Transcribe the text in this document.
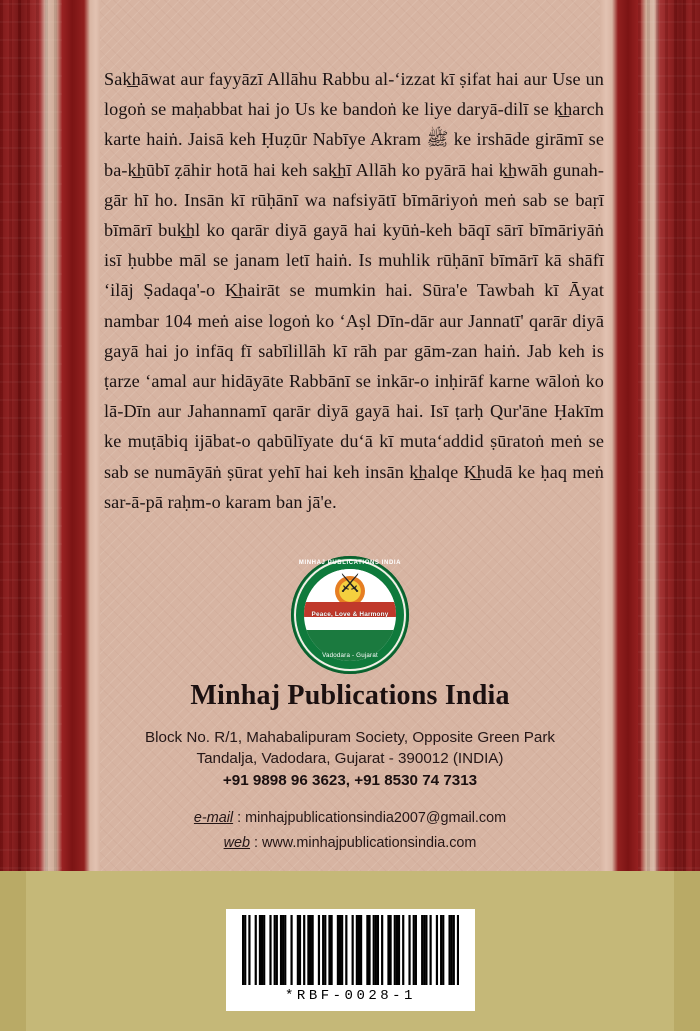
Sak͟hāwat aur fayyāzī Allāhu Rabbu al-‘izzat kī ṣifat hai aur Use un logoṅ se maḥabbat hai jo Us ke bandoṅ ke liye daryā-dilī se k͟harch karte haiṅ. Jaisā keh Ḥuẓūr Nabīye Akram ﷺ ke irshāde girāmī se ba-k͟hūbī ẓāhir hotā hai keh sak͟hī Allāh ko pyārā hai k͟hwāh gunah-gār hī ho. Insān kī rūḥānī wa nafsiyātī bīmāriyoṅ meṅ sab se baṛī bīmārī buk͟hl ko qarār diyā gayā hai kyūṅ-keh bāqī sārī bīmāriyāṅ isī ḥubbe māl se janam letī haiṅ. Is muhlik rūḥānī bīmārī kā shāfī ‘ilāj Ṣadaqa'-o K͟hairāt se mumkin hai. Sūra'e Tawbah kī Āyat nambar 104 meṅ aise logoṅ ko ‘Aṣl Dīn-dār aur Jannatī' qarār diyā gayā hai jo infāq fī sabīlillāh kī rāh par gām-zan haiṅ. Jab keh is ṭarze ‘amal aur hidāyāte Rabbānī se inkār-o inḥirāf karne wāloṅ ko lā-Dīn aur Jahannamī qarār diyā gayā hai. Isī ṭarḥ Qur'āne Ḥakīm ke muṭābiq ijābat-o qabūlīyate du‘ā kī muta‘addid ṣūratoṅ meṅ se sab se numāyāṅ ṣūrat yehī hai keh insān k͟halqe K͟hudā ke ḥaq meṅ sar-ā-pā raḥm-o karam ban jā'e.

MINHAJ PUBLICATIONS INDIA
⚔
Peace, Love & Harmony
Vadodara - Gujarat
Minhaj Publications India
Block No. R/1, Mahabalipuram Society, Opposite Green Park
Tandalja, Vadodara, Gujarat - 390012 (INDIA)
+91 9898 96 3623, +91 8530 74 7313
e-mail : minhajpublicationsindia2007@gmail.com
web : www.minhajpublicationsindia.com
*RBF-0028-1
